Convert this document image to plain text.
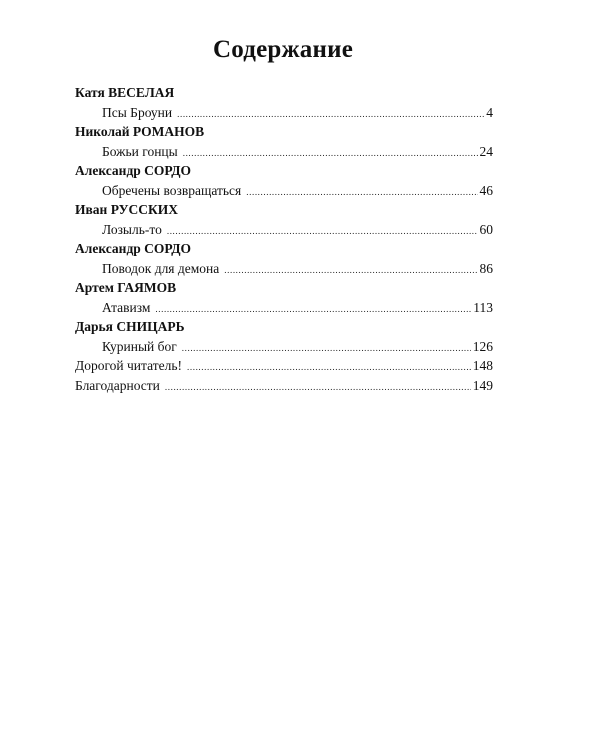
Содержание
Катя ВЕСЕЛАЯ
Псы Броуни .....	4
Николай РОМАНОВ
Божьи гонцы .....	24
Александр СОРДО
Обречены возвращаться .....	46
Иван РУССКИХ
Лозыль-то .....	60
Александр СОРДО
Поводок для демона .....	86
Артем ГАЯМОВ
Атавизм .....	113
Дарья СНИЦАРЬ
Куриный бог .....	126
Дорогой читатель! .....	148
Благодарности .....	149
